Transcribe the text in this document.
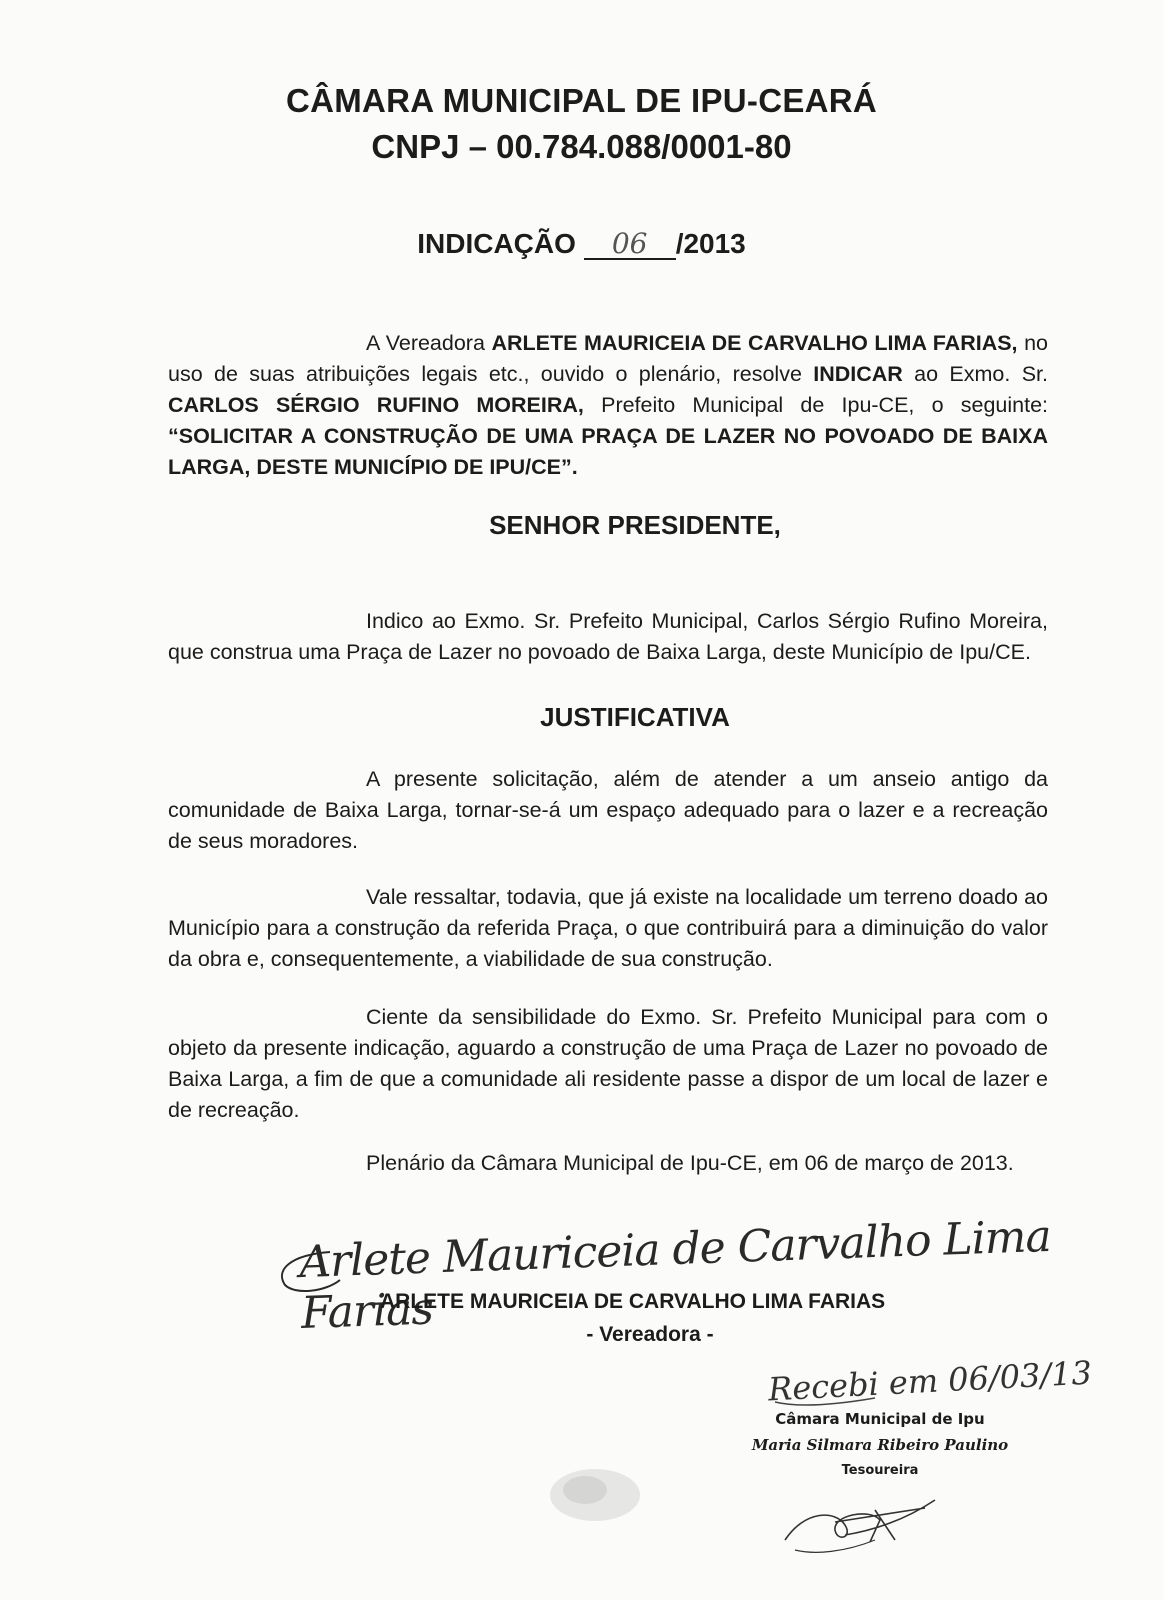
CÂMARA MUNICIPAL DE IPU-CEARÁ
CNPJ – 00.784.088/0001-80
INDICAÇÃO 06 /2013
A Vereadora ARLETE MAURICEIA DE CARVALHO LIMA FARIAS, no uso de suas atribuições legais etc., ouvido o plenário, resolve INDICAR ao Exmo. Sr. CARLOS SÉRGIO RUFINO MOREIRA, Prefeito Municipal de Ipu-CE, o seguinte: “SOLICITAR A CONSTRUÇÃO DE UMA PRAÇA DE LAZER NO POVOADO DE BAIXA LARGA, DESTE MUNICÍPIO DE IPU/CE”.
SENHOR PRESIDENTE,
Indico ao Exmo. Sr. Prefeito Municipal, Carlos Sérgio Rufino Moreira, que construa uma Praça de Lazer no povoado de Baixa Larga, deste Município de Ipu/CE.
JUSTIFICATIVA
A presente solicitação, além de atender a um anseio antigo da comunidade de Baixa Larga, tornar-se-á um espaço adequado para o lazer e a recreação de seus moradores.
Vale ressaltar, todavia, que já existe na localidade um terreno doado ao Município para a construção da referida Praça, o que contribuirá para a diminuição do valor da obra e, consequentemente, a viabilidade de sua construção.
Ciente da sensibilidade do Exmo. Sr. Prefeito Municipal para com o objeto da presente indicação, aguardo a construção de uma Praça de Lazer no povoado de Baixa Larga, a fim de que a comunidade ali residente passe a dispor de um local de lazer e de recreação.
Plenário da Câmara Municipal de Ipu-CE, em 06 de março de 2013.
Arlete Mauriceia de Carvalho Lima Farias
ARLETE MAURICEIA DE CARVALHO LIMA FARIAS
- Vereadora -
Recebi em 06/03/13
Câmara Municipal de Ipu
Maria Silmara Ribeiro Paulino
Tesoureira
